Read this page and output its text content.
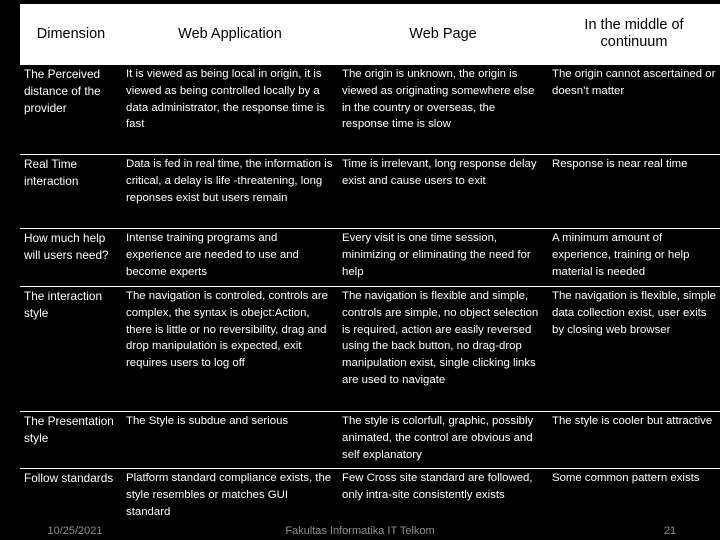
Dimension	Web Application	Web Page	In the middle of continuum
The Perceived distance of the provider	It is viewed as being local in origin, it is viewed as being controlled locally by a data administrator, the response time is fast	The origin is unknown, the origin is viewed as originating somewhere else in the country or overseas, the response time is slow	The origin cannot ascertained or doesn’t matter
Real Time interaction	Data is fed in real time, the information is critical, a delay is life -threatening, long reponses exist but users remain	Time is irrelevant, long response delay exist and cause users to exit	Response is near real time
How much help will users need?	Intense training programs and experience are needed to use and become experts	Every visit is one time session, minimizing or eliminating the need for help	A minimum amount of experience, training or help material is needed
The interaction style	The navigation is controled, controls are complex, the syntax is obejct:Action, there is little or no reversibility, drag and drop manipulation is expected, exit requires users to log off	The navigation is flexible and simple, controls are simple, no object selection is required, action are easily reversed using the back button, no drag-drop manipulation exist, single clicking links are used to navigate	The navigation is flexible, simple data collection exist, user exits by closing web browser
The Presentation style	The Style is subdue and serious	The style is colorfull, graphic, possibly animated, the control are obvious and self explanatory	The style is cooler but attractive
Follow standards	Platform standard compliance exists, the style resembles or matches GUI standard	Few Cross site standard are followed, only intra-site consistently exists	Some common pattern exists
10/25/2021	Fakultas Informatika IT Telkom	21
